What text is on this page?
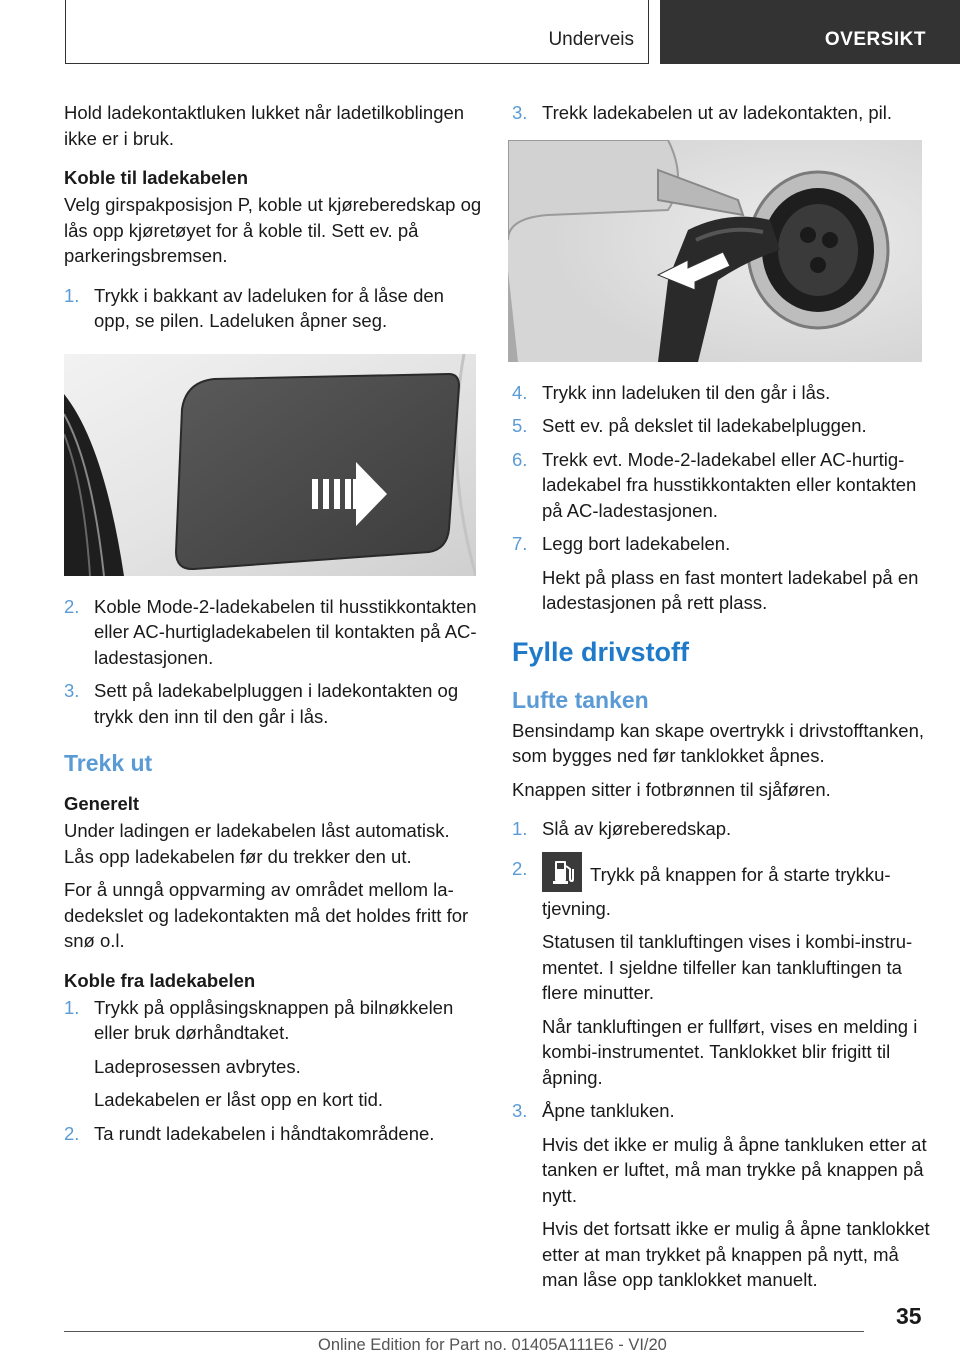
Underveis	OVERSIKT

Hold ladekontaktluken lukket når ladetilkoblingen ikke er i bruk.

Koble til ladekabelen

Velg girspakposisjon P, koble ut kjøreberedskap og lås opp kjøretøyet for å koble til. Sett ev. på parkeringsbremsen.

1. Trykk i bakkant av ladeluken for å låse den opp, se pilen. Ladeluken åpner seg.
2. Koble Mode-2-ladekabelen til husstikkontakten eller AC-hurtigladekabelen til kontakten på AC-ladestasjonen.
3. Sett på ladekabelpluggen i ladekontakten og trykk den inn til den går i lås.
Trekk ut
Generelt

Under ladingen er ladekabelen låst automatisk. Lås opp ladekabelen før du trekker den ut.

For å unngå oppvarming av området mellom ladedekslet og ladekontakten må det holdes fritt for snø o.l.

Koble fra ladekabelen
1. Trykk på opplåsingsknappen på bilnøkkelen eller bruk dørhåndtaket.

Ladeprosessen avbrytes.

Ladekabelen er låst opp en kort tid.

2. Ta rundt ladekabelen i håndtakområdene.
3. Trekk ladekabelen ut av ladekontakten, pil.
4. Trykk inn ladeluken til den går i lås.
5. Sett ev. på dekslet til ladekabelpluggen.
6. Trekk evt. Mode-2-ladekabel eller AC-hurtigladekabel fra husstikkontakten eller kontakten på AC-ladestasjonen.
7. Legg bort ladekabelen.

Hekt på plass en fast montert ladekabel på en ladestasjonen på rett plass.

Fylle drivstoff
Lufte tanken

Bensindamp kan skape overtrykk i drivstofftanken, som bygges ned før tanklokket åpnes.

Knappen sitter i fotbrønnen til sjåføren.

1. Slå av kjøreberedskap.
2.	Trykk på knappen for å starte trykkutjevning.

Statusen til tankluftingen vises i kombi-instrumentet. I sjeldne tilfeller kan tankluftingen ta flere minutter.

Når tankluftingen er fullført, vises en melding i kombi-instrumentet. Tanklokket blir frigitt til åpning.

3. Åpne tankluken.

Hvis det ikke er mulig å åpne tankluken etter at tanken er luftet, må man trykke på knappen på nytt.

Hvis det fortsatt ikke er mulig å åpne tanklokket etter at man trykket på knappen på nytt, må man låse opp tanklokket manuelt.

35
Online Edition for Part no. 01405A111E6 - VI/20
